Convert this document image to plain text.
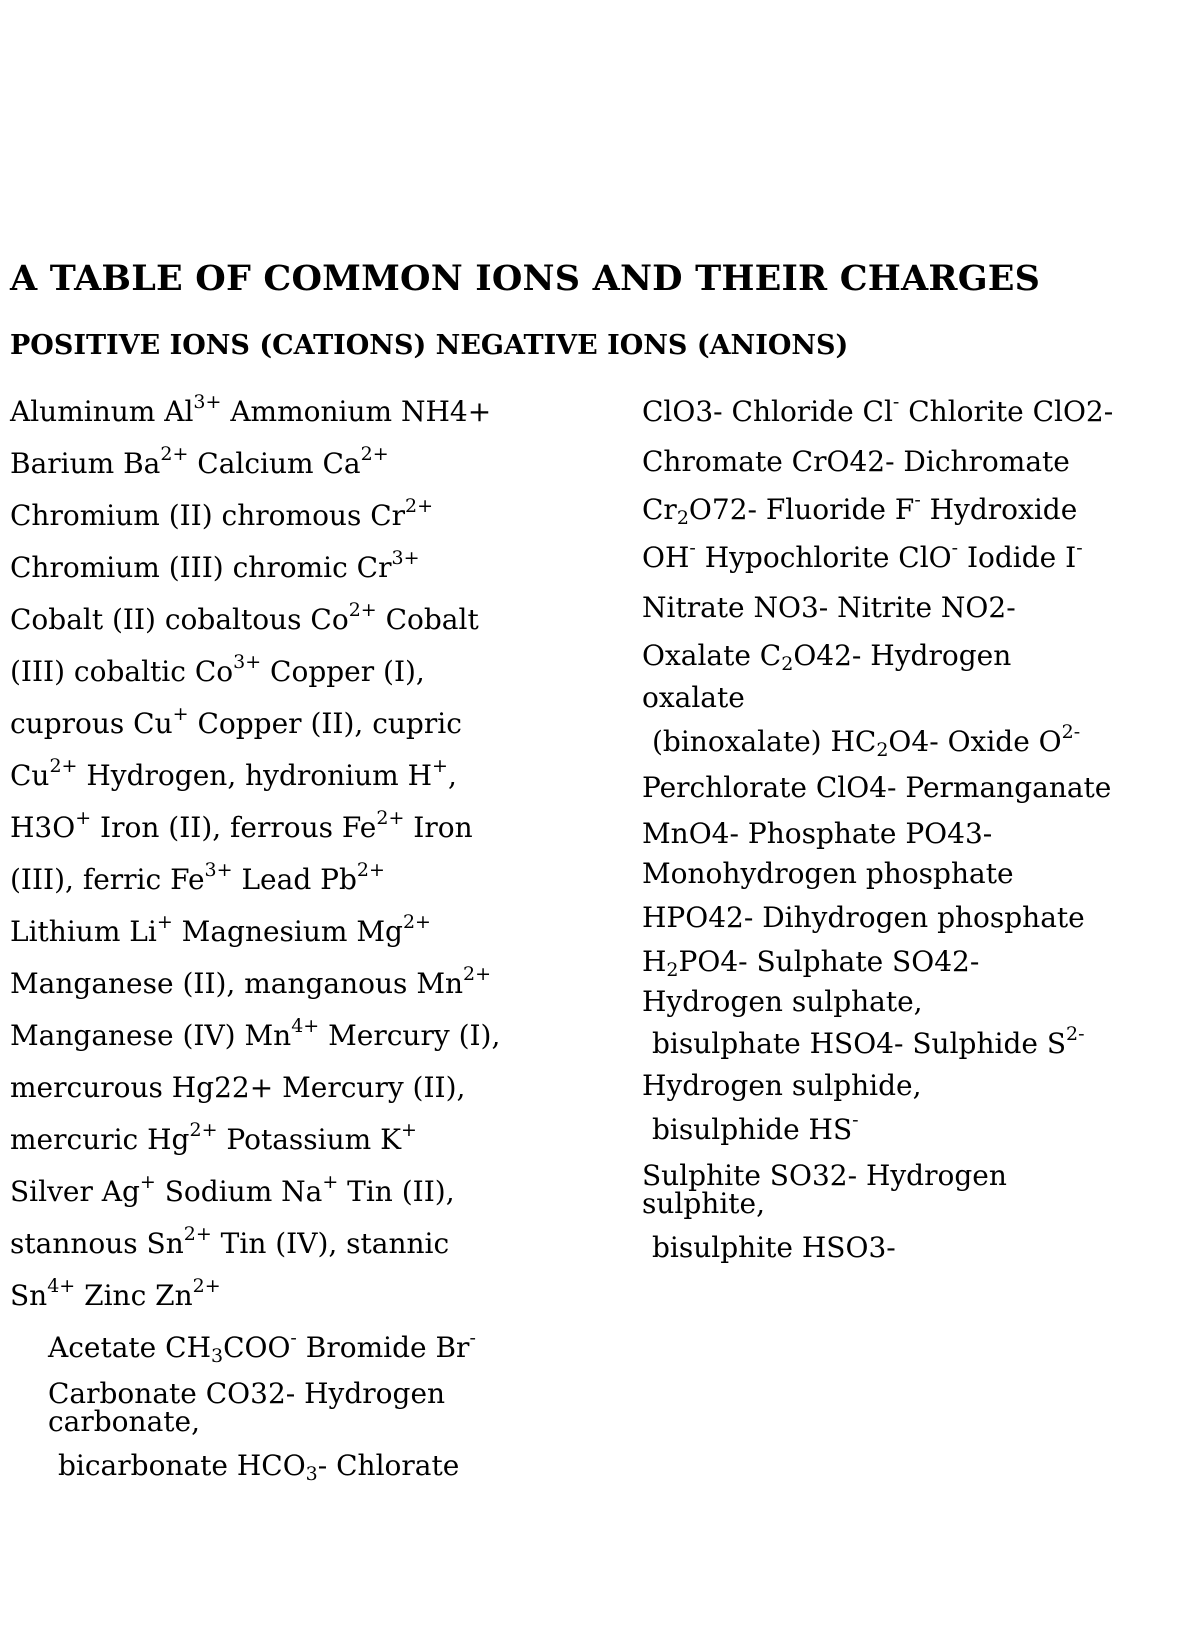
A TABLE OF COMMON IONS AND THEIR CHARGES
POSITIVE IONS (CATIONS) NEGATIVE IONS (ANIONS)
Aluminum $Al^{3+}$ Ammonium NH4+
Barium $Ba^{2+}$ Calcium $Ca^{2+}$
Chromium (II) chromous $Cr^{2+}$
Chromium (III) chromic $Cr^{3+}$
Cobalt (II) cobaltous $Co^{2+}$ Cobalt
(III) cobaltic $Co^{3+}$ Copper (I),
cuprous Cu+ Copper (II), cupric
$Cu^{2+}$ Hydrogen, hydronium H+,
H3O+ Iron (II), ferrous $Fe^{2+}$ Iron
(III), ferric $Fe^{3+}$ Lead $Pb^{2+}$
Lithium Li+ Magnesium $Mg^{2+}$
Manganese (II), manganous $Mn^{2+}$
Manganese (IV) $Mn^{4+}$ Mercury (I),
mercurous Hg22+ Mercury (II),
mercuric $Hg^{2+}$ Potassium K+
Silver Ag+ Sodium Na+ Tin (II),
stannous $Sn^{2+}$ Tin (IV), stannic
$Sn^{4+}$ Zinc $Zn^{2+}$
Acetate $CH_3COO^-$ Bromide Br-
Carbonate CO32- Hydrogen
carbonate,
bicarbonate $HCO_3-$ Chlorate
ClO3- Chloride Cl- Chlorite ClO2-
Chromate CrO42- Dichromate
$Cr_2O72-$ Fluoride F- Hydroxide
OH- Hypochlorite ClO- Iodide I-
Nitrate NO3- Nitrite NO2-
Oxalate $C_2O42-$ Hydrogen
oxalate
(binoxalate) $HC_2O4-$ Oxide $O^{2-}$
Perchlorate ClO4- Permanganate
MnO4- Phosphate PO43-
Monohydrogen phosphate
HPO42- Dihydrogen phosphate
$H_2PO4-$ Sulphate SO42-
Hydrogen sulphate,
bisulphate HSO4- Sulphide $S^{2-}$
Hydrogen sulphide,
bisulphide HS-
Sulphite SO32- Hydrogen
sulphite,
bisulphite HSO3-
